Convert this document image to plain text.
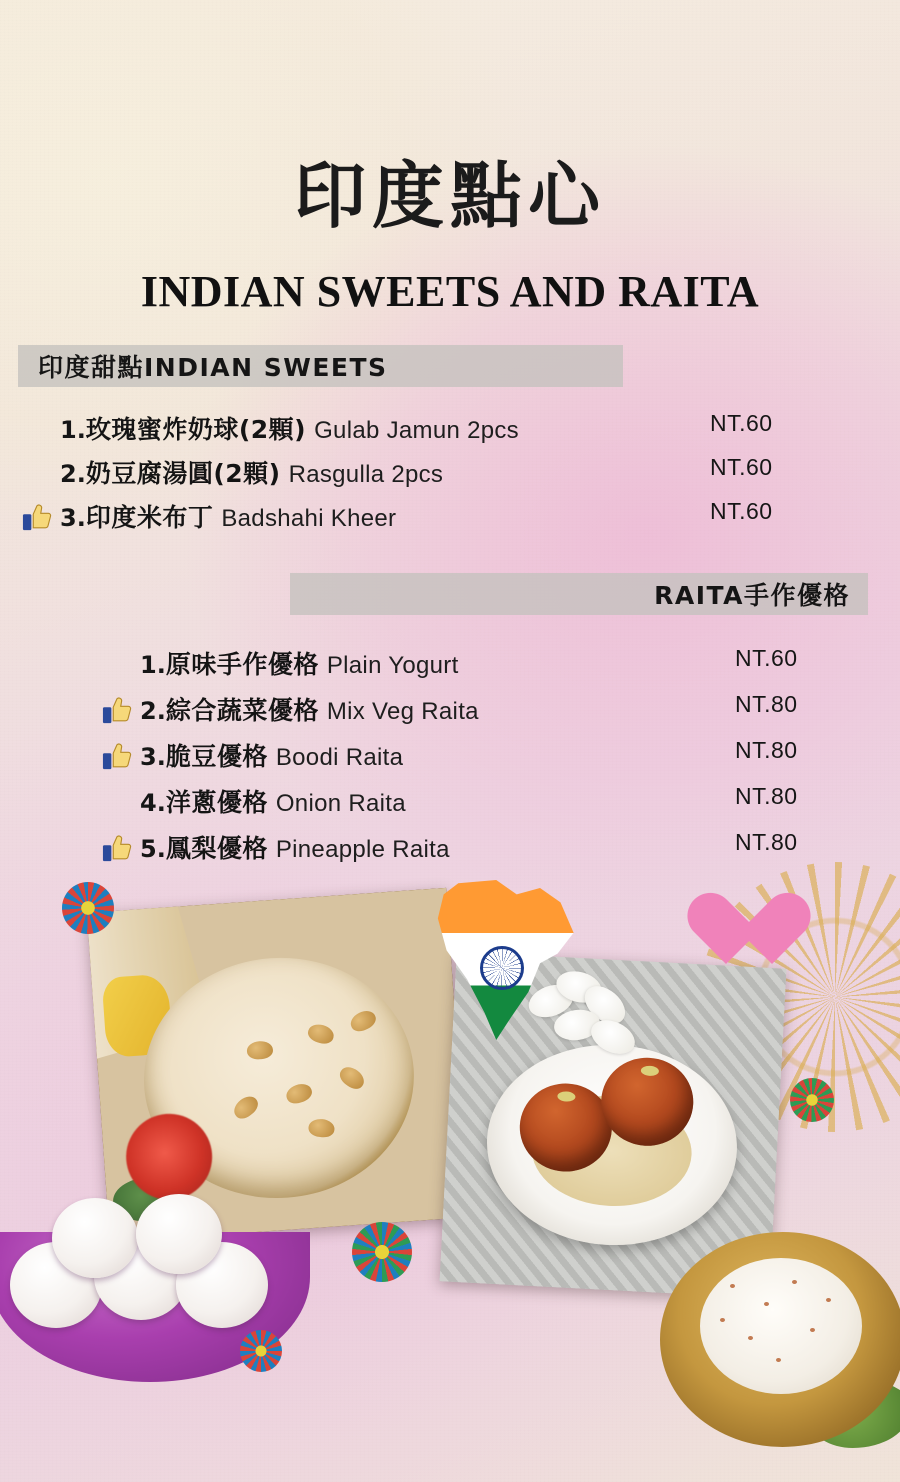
印度點心
INDIAN SWEETS AND RAITA
印度甜點INDIAN SWEETS
1. 玫瑰蜜炸奶球(2顆) Gulab Jamun 2pcs	NT.60
2. 奶豆腐湯圓(2顆) Rasgulla 2pcs	NT.60
3. 印度米布丁 Badshahi Kheer	NT.60
RAITA手作優格
1. 原味手作優格 Plain Yogurt	NT.60
2. 綜合蔬菜優格 Mix Veg Raita	NT.80
3. 脆豆優格 Boodi Raita	NT.80
4. 洋蔥優格 Onion Raita	NT.80
5. 鳳梨優格 Pineapple Raita	NT.80
